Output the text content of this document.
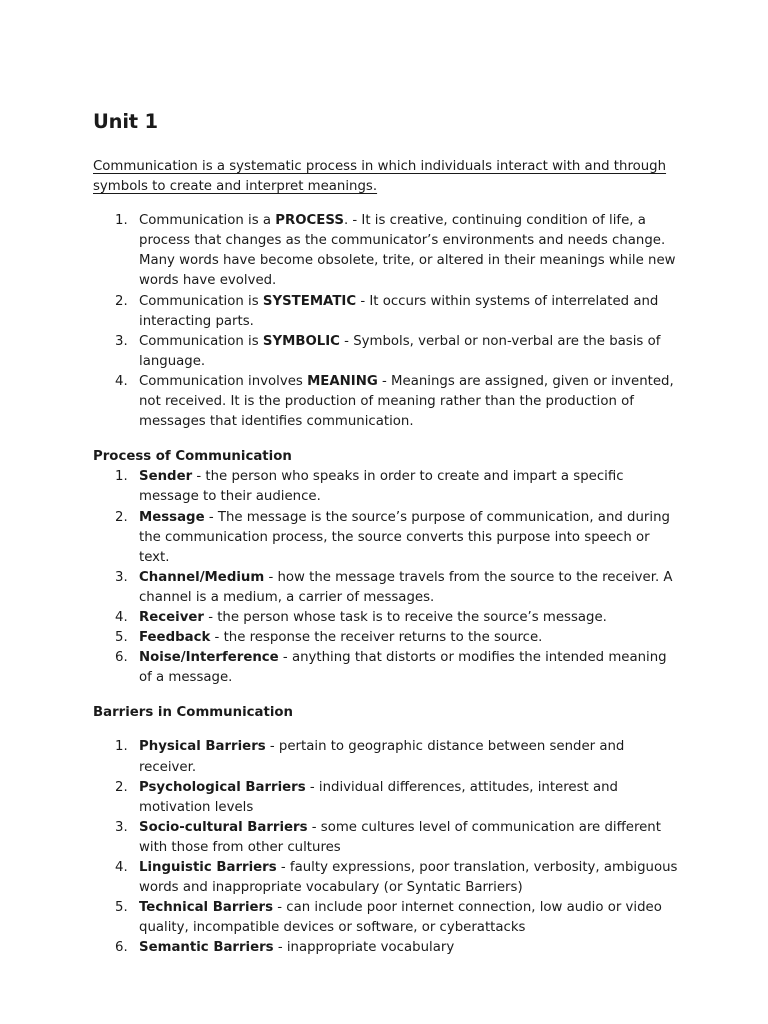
Unit 1

Communication is a systematic process in which individuals interact with and through symbols to create and interpret meanings.

1. Communication is a PROCESS. - It is creative, continuing condition of life, a process that changes as the communicator’s environments and needs change. Many words have become obsolete, trite, or altered in their meanings while new words have evolved.
2. Communication is SYSTEMATIC - It occurs within systems of interrelated and interacting parts.
3. Communication is SYMBOLIC - Symbols, verbal or non-verbal are the basis of language.
4. Communication involves MEANING - Meanings are assigned, given or invented, not received. It is the production of meaning rather than the production of messages that identifies communication.
Process of Communication
1. Sender - the person who speaks in order to create and impart a specific message to their audience.
2. Message - The message is the source’s purpose of communication, and during the communication process, the source converts this purpose into speech or text.
3. Channel/Medium - how the message travels from the source to the receiver. A channel is a medium, a carrier of messages.
4. Receiver - the person whose task is to receive the source’s message.
5. Feedback - the response the receiver returns to the source.
6. Noise/Interference - anything that distorts or modifies the intended meaning of a message.
Barriers in Communication
1. Physical Barriers - pertain to geographic distance between sender and receiver.
2. Psychological Barriers - individual differences, attitudes, interest and motivation levels
3. Socio-cultural Barriers - some cultures level of communication are different with those from other cultures
4. Linguistic Barriers - faulty expressions, poor translation, verbosity, ambiguous words and inappropriate vocabulary (or Syntatic Barriers)
5. Technical Barriers - can include poor internet connection, low audio or video quality, incompatible devices or software, or cyberattacks
6. Semantic Barriers - inappropriate vocabulary
